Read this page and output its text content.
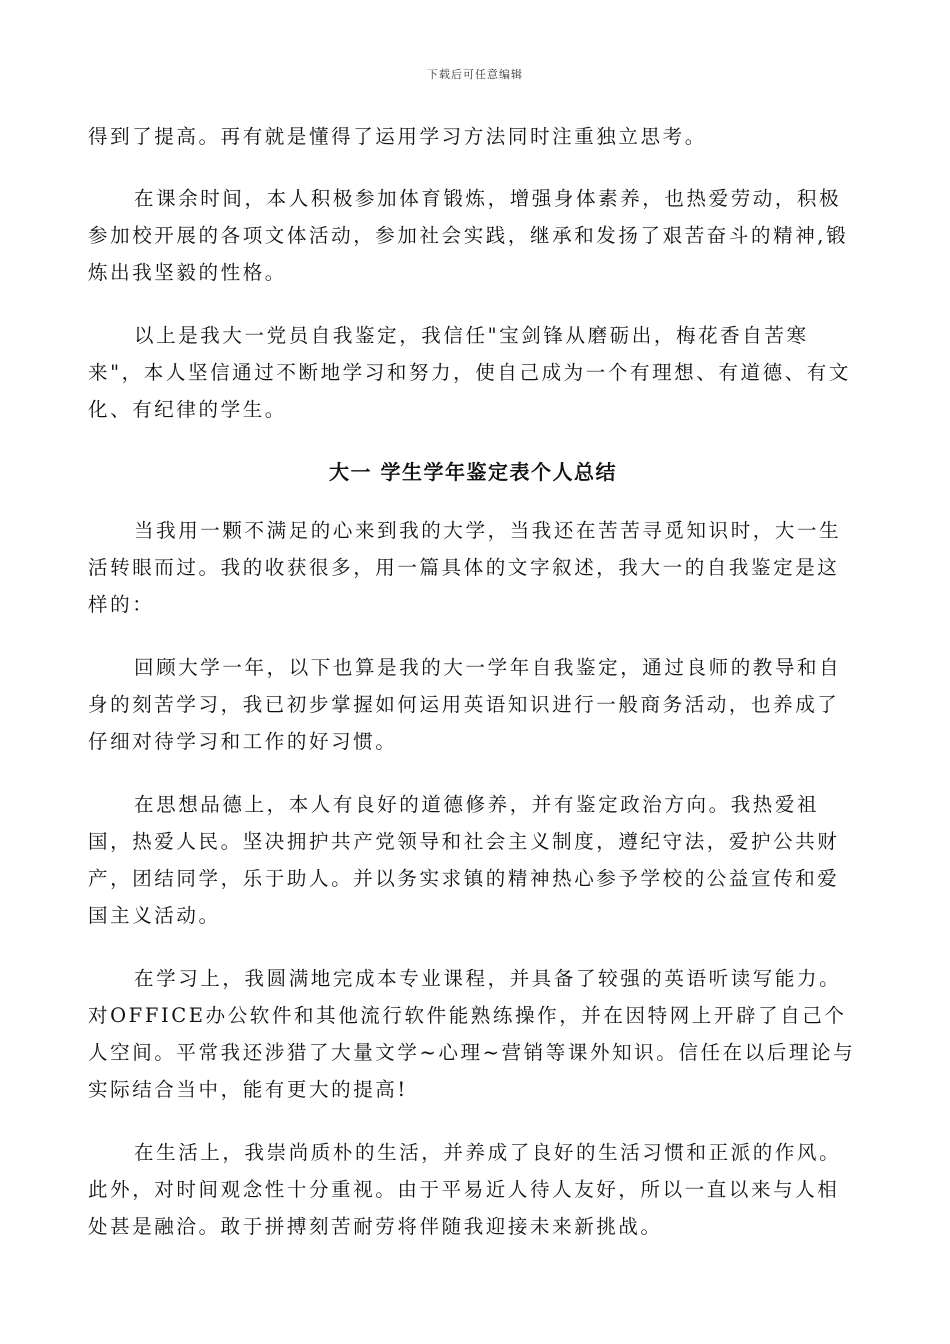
下载后可任意编辑

得到了提高。再有就是懂得了运用学习方法同时注重独立思考。

在课余时间，本人积极参加体育锻炼，增强身体素养，也热爱劳动，积极参加校开展的各项文体活动，参加社会实践，继承和发扬了艰苦奋斗的精神,锻炼出我坚毅的性格。

以上是我大一党员自我鉴定，我信任"宝剑锋从磨砺出，梅花香自苦寒来"，本人坚信通过不断地学习和努力，使自己成为一个有理想、有道德、有文化、有纪律的学生。

大一 学生学年鉴定表个人总结

当我用一颗不满足的心来到我的大学，当我还在苦苦寻觅知识时，大一生活转眼而过。我的收获很多，用一篇具体的文字叙述，我大一的自我鉴定是这样的：

回顾大学一年，以下也算是我的大一学年自我鉴定，通过良师的教导和自身的刻苦学习，我已初步掌握如何运用英语知识进行一般商务活动，也养成了仔细对待学习和工作的好习惯。

在思想品德上，本人有良好的道德修养，并有鉴定政治方向。我热爱祖国，热爱人民。坚决拥护共产党领导和社会主义制度，遵纪守法，爱护公共财产，团结同学，乐于助人。并以务实求镇的精神热心参予学校的公益宣传和爱国主义活动。

在学习上，我圆满地完成本专业课程，并具备了较强的英语听读写能力。对OFFICE办公软件和其他流行软件能熟练操作，并在因特网上开辟了自己个人空间。平常我还涉猎了大量文学~心理~营销等课外知识。信任在以后理论与实际结合当中，能有更大的提高!

在生活上，我崇尚质朴的生活，并养成了良好的生活习惯和正派的作风。此外，对时间观念性十分重视。由于平易近人待人友好，所以一直以来与人相处甚是融洽。敢于拼搏刻苦耐劳将伴随我迎接未来新挑战。
